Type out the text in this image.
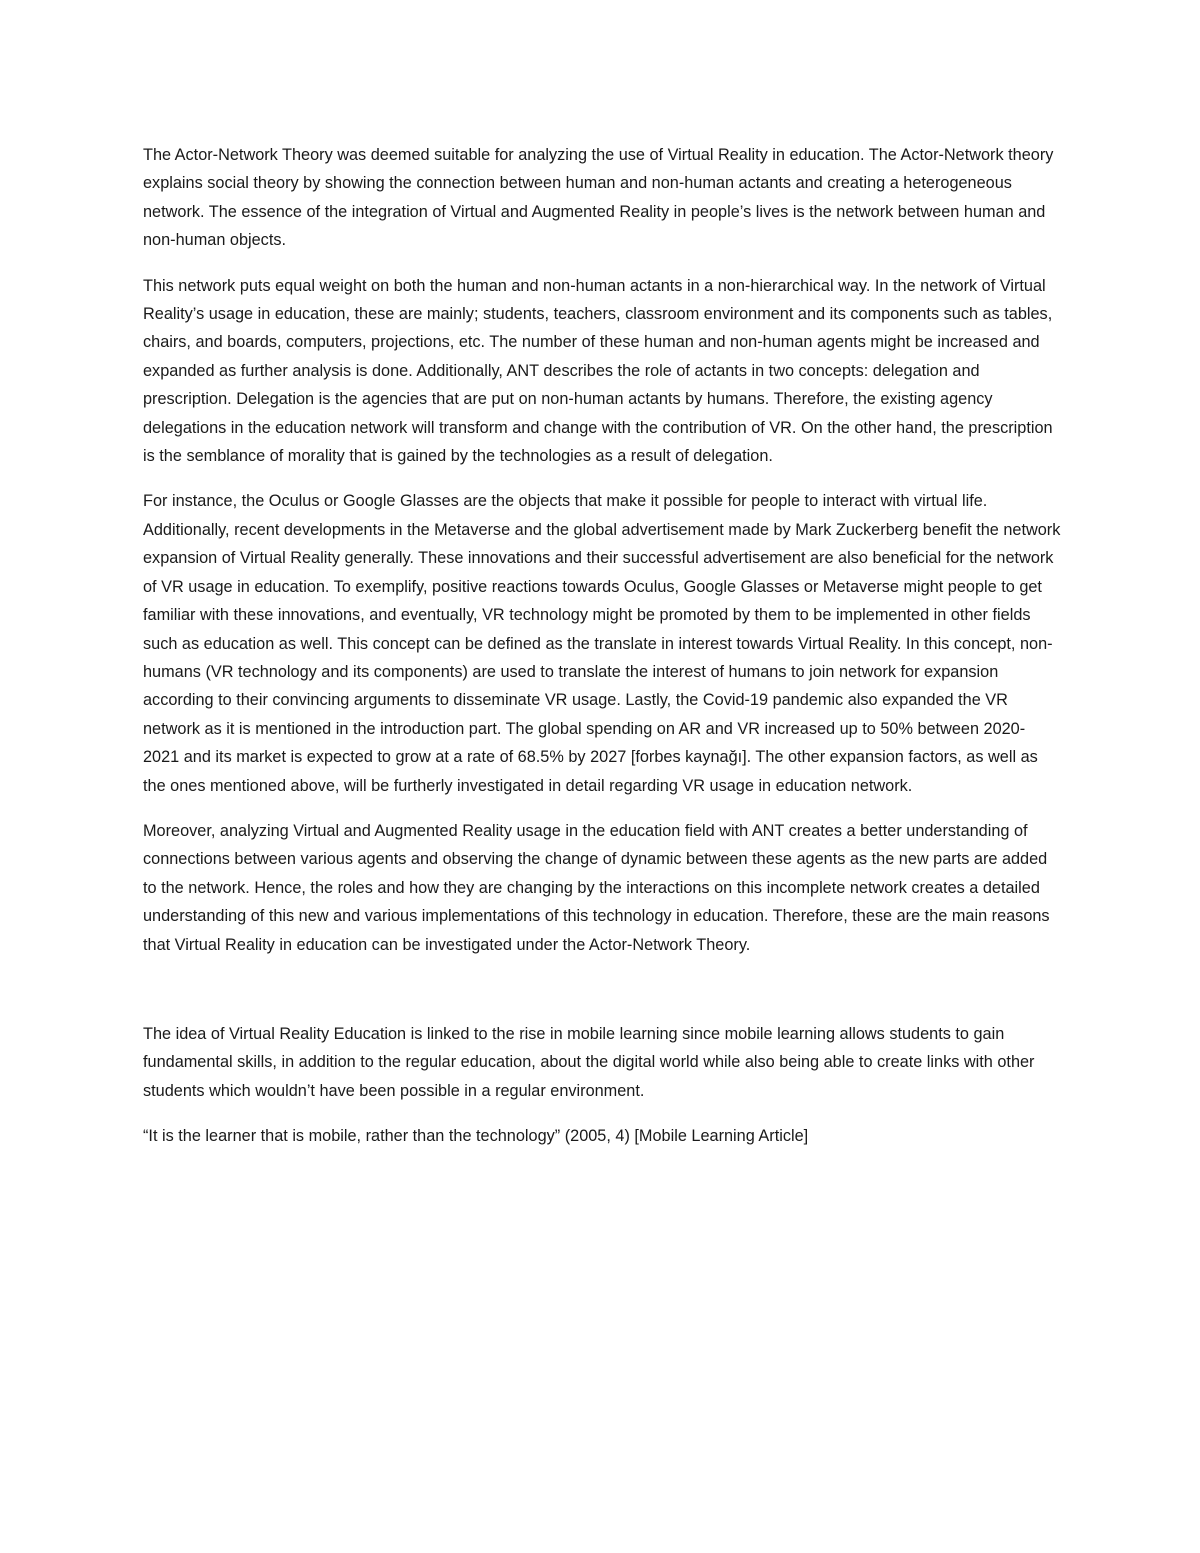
The Actor-Network Theory was deemed suitable for analyzing the use of Virtual Reality in education. The Actor-Network theory explains social theory by showing the connection between human and non-human actants and creating a heterogeneous network. The essence of the integration of Virtual and Augmented Reality in people’s lives is the network between human and non-human objects.

This network puts equal weight on both the human and non-human actants in a non-hierarchical way. In the network of Virtual Reality’s usage in education, these are mainly; students, teachers, classroom environment and its components such as tables, chairs, and boards, computers, projections, etc. The number of these human and non-human agents might be increased and expanded as further analysis is done. Additionally, ANT describes the role of actants in two concepts: delegation and prescription. Delegation is the agencies that are put on non-human actants by humans. Therefore, the existing agency delegations in the education network will transform and change with the contribution of VR. On the other hand, the prescription is the semblance of morality that is gained by the technologies as a result of delegation.

For instance, the Oculus or Google Glasses are the objects that make it possible for people to interact with virtual life. Additionally, recent developments in the Metaverse and the global advertisement made by Mark Zuckerberg benefit the network expansion of Virtual Reality generally. These innovations and their successful advertisement are also beneficial for the network of VR usage in education. To exemplify, positive reactions towards Oculus, Google Glasses or Metaverse might people to get familiar with these innovations, and eventually, VR technology might be promoted by them to be implemented in other fields such as education as well. This concept can be defined as the translate in interest towards Virtual Reality. In this concept, non-humans (VR technology and its components) are used to translate the interest of humans to join network for expansion according to their convincing arguments to disseminate VR usage. Lastly, the Covid-19 pandemic also expanded the VR network as it is mentioned in the introduction part. The global spending on AR and VR increased up to 50% between 2020-2021 and its market is expected to grow at a rate of 68.5% by 2027 [forbes kaynağı]. The other expansion factors, as well as the ones mentioned above, will be furtherly investigated in detail regarding VR usage in education network.

Moreover, analyzing Virtual and Augmented Reality usage in the education field with ANT creates a better understanding of connections between various agents and observing the change of dynamic between these agents as the new parts are added to the network. Hence, the roles and how they are changing by the interactions on this incomplete network creates a detailed understanding of this new and various implementations of this technology in education. Therefore, these are the main reasons that Virtual Reality in education can be investigated under the Actor-Network Theory.

The idea of Virtual Reality Education is linked to the rise in mobile learning since mobile learning allows students to gain fundamental skills, in addition to the regular education, about the digital world while also being able to create links with other students which wouldn’t have been possible in a regular environment.

“It is the learner that is mobile, rather than the technology” (2005, 4) [Mobile Learning Article]
